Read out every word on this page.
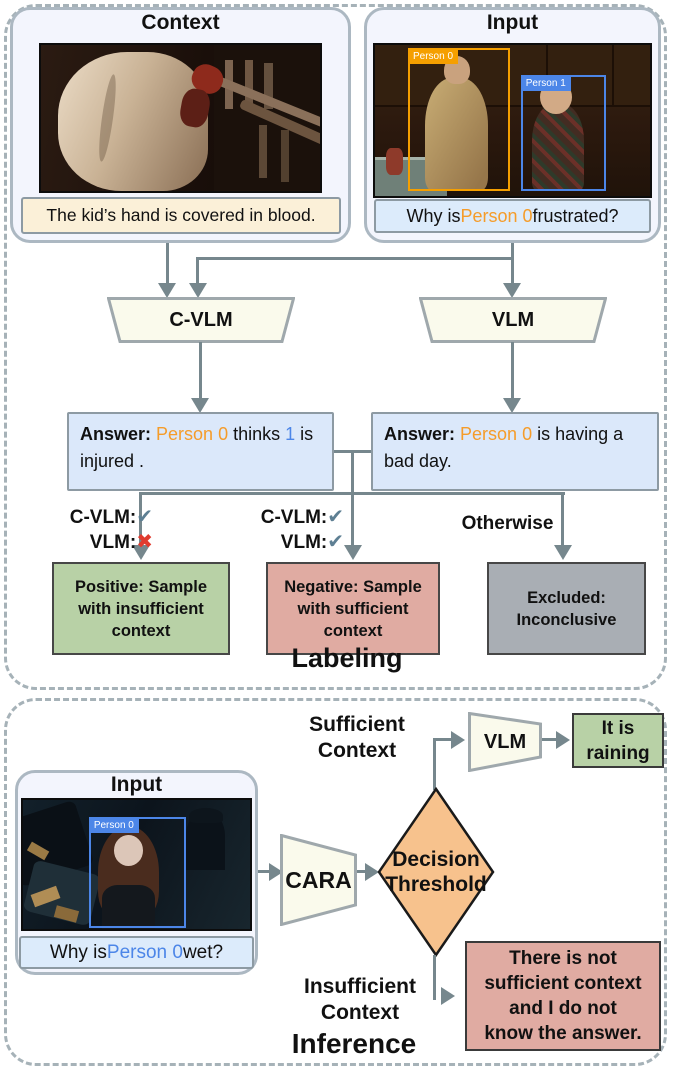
Context
The kid’s hand is covered in blood.
Input
Person 0
Person 1
Why is Person 0 frustrated?
C-VLM	VLM
Answer: Person 0 thinks 1 is injured .
Answer: Person 0 is having a bad day.
C-VLM:✔
VLM:✖
C-VLM:✔
VLM:✔
Otherwise
Positive: Sample with insufficient context
Negative: Sample with sufficient context
Excluded: Inconclusive
Labeling
Sufficient
Context	VLM
It is
raining
Input
Person 0
Why is Person 0 wet?
CARA
Decision
Threshold
Insufficient
Context
There is not
sufficient context
and I do not
know the answer.
Inference
